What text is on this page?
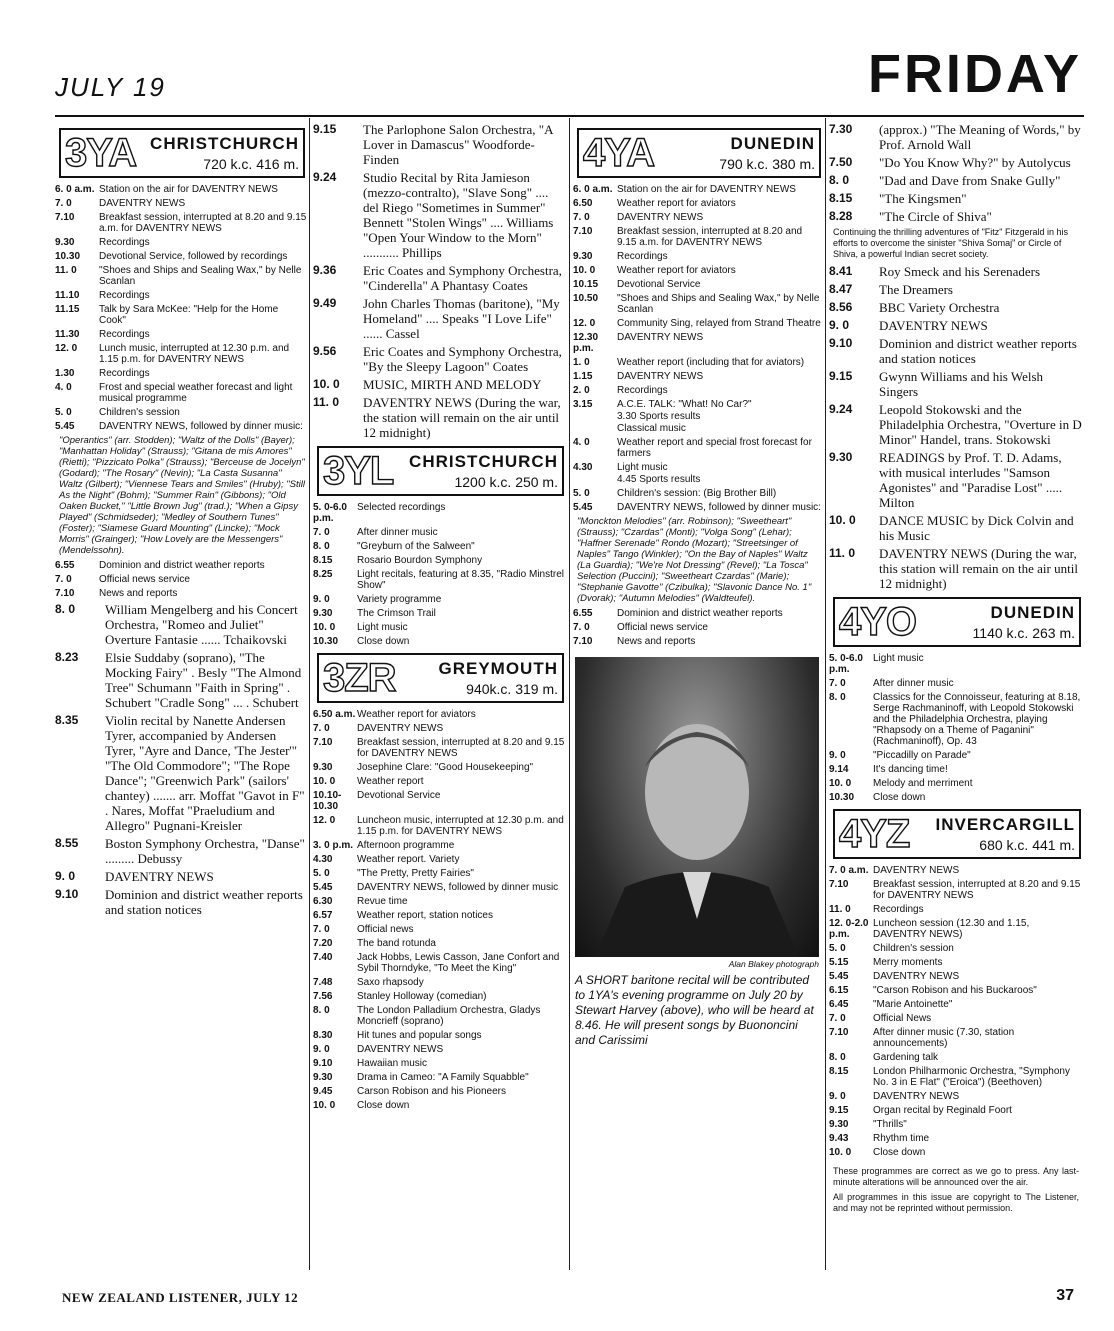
JULY 19	FRIDAY
3YA CHRISTCHURCH
720 k.c. 416 m.
6. 0 a.m. Station on the air for DAVENTRY NEWS
7. 0	DAVENTRY NEWS
7.10	Breakfast session, interrupted at 8.20 and 9.15 a.m. for DAVENTRY NEWS
9.30	Recordings
10.30	Devotional Service, followed by recordings
11. 0	"Shoes and Ships and Sealing Wax," by Nelle Scanlan
11.10	Recordings
11.15	Talk by Sara McKee: "Help for the Home Cook"
11.30	Recordings
12. 0	Lunch music, interrupted at 12.30 p.m. and 1.15 p.m. for DAVENTRY NEWS
1.30	Recordings
4. 0	Frost and special weather forecast and light musical programme
5. 0	Children's session
5.45	DAVENTRY NEWS, followed by dinner music:
"Operantics" (arr. Stodden); "Waltz of the Dolls" (Bayer); "Manhattan Holiday" (Strauss); "Gitana de mis Amores" (Rietti); "Pizzicato Polka" (Strauss); "Berceuse de Jocelyn" (Godard); "The Rosary" (Nevin); "La Casta Susanna" Waltz (Gilbert); "Viennese Tears and Smiles" (Hruby); "Still As the Night" (Bohm); "Summer Rain" (Gibbons); "Old Oaken Bucket," "Little Brown Jug" (trad.); "When a Gipsy Played" (Schmidseder); "Medley of Southern Tunes" (Foster); "Siamese Guard Mounting" (Lincke); "Mock Morris" (Grainger); "How Lovely are the Messengers" (Mendelssohn).
6.55	Dominion and district weather reports
7. 0	Official news service
7.10	News and reports
8. 0	William Mengelberg and his Concert Orchestra, "Romeo and Juliet" Overture Fantasie ...... Tchaikovski
8.23	Elsie Suddaby (soprano), "The Mocking Fairy" . Besly "The Almond Tree" Schumann "Faith in Spring" . Schubert "Cradle Song" ... . Schubert
8.35	Violin recital by Nanette Andersen Tyrer, accompanied by Andersen Tyrer, "Ayre and Dance, 'The Jester'" "The Old Commodore"; "The Rope Dance"; "Greenwich Park" (sailors' chantey) ....... arr. Moffat "Gavot in F" . Nares, Moffat "Praeludium and Allegro" Pugnani-Kreisler
8.55	Boston Symphony Orchestra, "Danse" ......... Debussy
9. 0	DAVENTRY NEWS
9.10	Dominion and district weather reports and station notices
9.15	The Parlophone Salon Orchestra, "A Lover in Damascus" Woodforde-Finden
9.24	Studio Recital by Rita Jamieson (mezzo-contralto), "Slave Song" .... del Riego "Sometimes in Summer" Bennett "Stolen Wings" .... Williams "Open Your Window to the Morn" ........... Phillips
9.36	Eric Coates and Symphony Orchestra, "Cinderella" A Phantasy Coates
9.49	John Charles Thomas (baritone), "My Homeland" .... Speaks "I Love Life" ...... Cassel
9.56	Eric Coates and Symphony Orchestra, "By the Sleepy Lagoon" Coates
10. 0	MUSIC, MIRTH AND MELODY
11. 0	DAVENTRY NEWS (During the war, the station will remain on the air until 12 midnight)
3YL CHRISTCHURCH
1200 k.c. 250 m.
5. 0-6.0 p.m.
Selected recordings
7. 0	After dinner music
8. 0	"Greyburn of the Salween"
8.15	Rosario Bourdon Symphony
8.25	Light recitals, featuring at 8.35, "Radio Minstrel Show"
9. 0	Variety programme
9.30	The Crimson Trail
10. 0	Light music
10.30	Close down
3ZR	GREYMOUTH
940k.c. 319 m.
6.50 a.m. Weather report for aviators
7. 0	DAVENTRY NEWS
7.10	Breakfast session, interrupted at 8.20 and 9.15 for DAVENTRY NEWS
9.30	Josephine Clare: "Good Housekeeping"
10. 0	Weather report
10.10-10.30
Devotional Service
12. 0	Luncheon music, interrupted at 12.30 p.m. and 1.15 p.m. for DAVENTRY NEWS
3. 0 p.m. Afternoon programme
4.30	Weather report. Variety
5. 0	"The Pretty, Pretty Fairies"
5.45	DAVENTRY NEWS, followed by dinner music
6.30	Revue time
6.57	Weather report, station notices
7. 0	Official news
7.20	The band rotunda
7.40	Jack Hobbs, Lewis Casson, Jane Confort and Sybil Thorndyke, "To Meet the King"
7.48	Saxo rhapsody
7.56	Stanley Holloway (comedian)
8. 0	The London Palladium Orchestra, Gladys Moncrieff (soprano)
8.30	Hit tunes and popular songs
9. 0	DAVENTRY NEWS
9.10	Hawaiian music
9.30	Drama in Cameo: "A Family Squabble"
9.45	Carson Robison and his Pioneers
10. 0	Close down
4YA	DUNEDIN
790 k.c. 380 m.
6. 0 a.m. Station on the air for DAVENTRY NEWS
6.50	Weather report for aviators
7. 0	DAVENTRY NEWS
7.10	Breakfast session, interrupted at 8.20 and 9.15 a.m. for DAVENTRY NEWS
9.30	Recordings
10. 0	Weather report for aviators
10.15	Devotional Service
10.50	"Shoes and Ships and Sealing Wax," by Nelle Scanlan
12. 0	Community Sing, relayed from Strand Theatre
12.30 p.m.
DAVENTRY NEWS
1. 0	Weather report (including that for aviators)
1.15	DAVENTRY NEWS
2. 0	Recordings
3.15	A.C.E. TALK: "What! No Car?"
3.30 Sports results
Classical music
4. 0	Weather report and special frost forecast for farmers
4.30	Light music
4.45 Sports results
5. 0	Children's session: (Big Brother Bill)
5.45	DAVENTRY NEWS, followed by dinner music:
"Monckton Melodies" (arr. Robinson); "Sweetheart" (Strauss); "Czardas" (Monti); "Volga Song" (Lehar); "Haffner Serenade" Rondo (Mozart); "Streetsinger of Naples" Tango (Winkler); "On the Bay of Naples" Waltz (La Guardia); "We're Not Dressing" (Revel); "La Tosca" Selection (Puccini); "Sweetheart Czardas" (Marie); "Stephanie Gavotte" (Czibulka); "Slavonic Dance No. 1" (Dvorak); "Autumn Melodies" (Waldteufel).
6.55	Dominion and district weather reports
7. 0	Official news service
7.10	News and reports
Alan Blakey photograph
A SHORT baritone recital will be contributed to 1YA's evening programme on July 20 by Stewart Harvey (above), who will be heard at 8.46. He will present songs by Buononcini and Carissimi
7.30	(approx.) "The Meaning of Words," by Prof. Arnold Wall
7.50	"Do You Know Why?" by Autolycus
8. 0	"Dad and Dave from Snake Gully"
8.15	"The Kingsmen"
8.28	"The Circle of Shiva"
Continuing the thrilling adventures of "Fitz" Fitzgerald in his efforts to overcome the sinister "Shiva Somaj" or Circle of Shiva, a powerful Indian secret society.
8.41	Roy Smeck and his Serenaders
8.47	The Dreamers
8.56	BBC Variety Orchestra
9. 0	DAVENTRY NEWS
9.10	Dominion and district weather reports and station notices
9.15	Gwynn Williams and his Welsh Singers
9.24	Leopold Stokowski and the Philadelphia Orchestra, "Overture in D Minor" Handel, trans. Stokowski
9.30	READINGS by Prof. T. D. Adams, with musical interludes "Samson Agonistes" and "Paradise Lost" ..... Milton
10. 0	DANCE MUSIC by Dick Colvin and his Music
11. 0	DAVENTRY NEWS (During the war, this station will remain on the air until 12 midnight)
4YO	DUNEDIN
1140 k.c. 263 m.
5. 0-6.0 p.m.
Light music
7. 0	After dinner music
8. 0	Classics for the Connoisseur, featuring at 8.18, Serge Rachmaninoff, with Leopold Stokowski and the Philadelphia Orchestra, playing "Rhapsody on a Theme of Paganini" (Rachmaninoff), Op. 43
9. 0	"Piccadilly on Parade"
9.14	It's dancing time!
10. 0	Melody and merriment
10.30	Close down
4YZ INVERCARGILL
680 k.c. 441 m.
7. 0 a.m. DAVENTRY NEWS
7.10	Breakfast session, interrupted at 8.20 and 9.15 for DAVENTRY NEWS
11. 0	Recordings
12. 0-2.0 p.m.
Luncheon session (12.30 and 1.15, DAVENTRY NEWS)
5. 0	Children's session
5.15	Merry moments
5.45	DAVENTRY NEWS
6.15	"Carson Robison and his Buckaroos"
6.45	"Marie Antoinette"
7. 0	Official News
7.10	After dinner music (7.30, station announcements)
8. 0	Gardening talk
8.15	London Philharmonic Orchestra, "Symphony No. 3 in E Flat" ("Eroica") (Beethoven)
9. 0	DAVENTRY NEWS
9.15	Organ recital by Reginald Foort
9.30	"Thrills"
9.43	Rhythm time
10. 0	Close down
These programmes are correct as we go to press. Any last-minute alterations will be announced over the air.
All programmes in this issue are copyright to The Listener, and may not be reprinted without permission.
NEW ZEALAND LISTENER, JULY 12	37
